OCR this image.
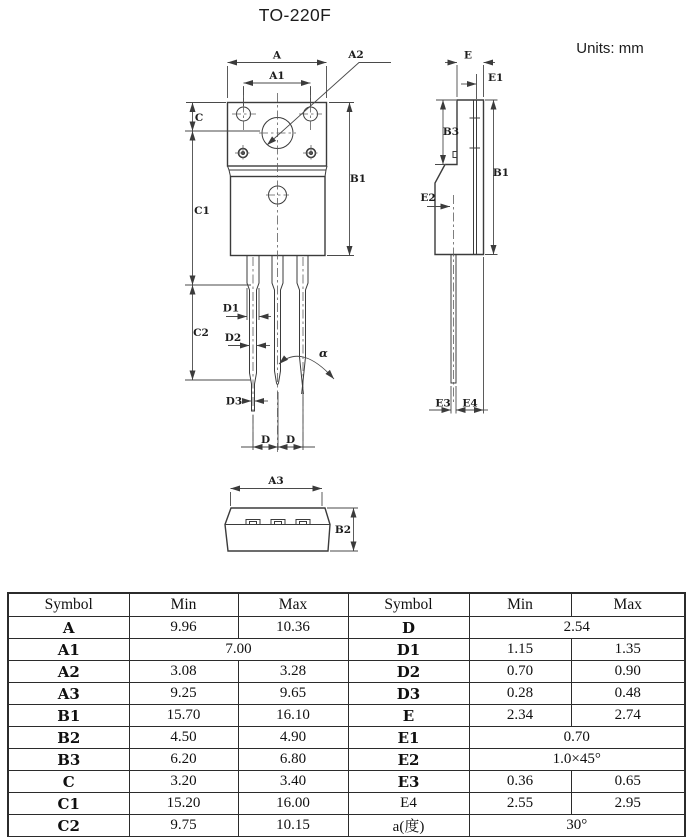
TO-220F
Units: mm
A
A1
A2
C
C1
C2
B1
D1
D2
D3
α
D D
E
E1
B3
B1
E2
E3 E4
A3
B2
Symbol	Min	Max	Symbol	Min	Max
A	9.96	10.36	D	2.54	
A1	7.00		D1	1.15	1.35
A2	3.08	3.28	D2	0.70	0.90
A3	9.25	9.65	D3	0.28	0.48
B1	15.70	16.10	E	2.34	2.74
B2	4.50	4.90	E1	0.70	
B3	6.20	6.80	E2	1.0×45°	
C	3.20	3.40	E3	0.36	0.65
C1	15.20	16.00	E4	2.55	2.95
C2	9.75	10.15	a(度)	30°	
